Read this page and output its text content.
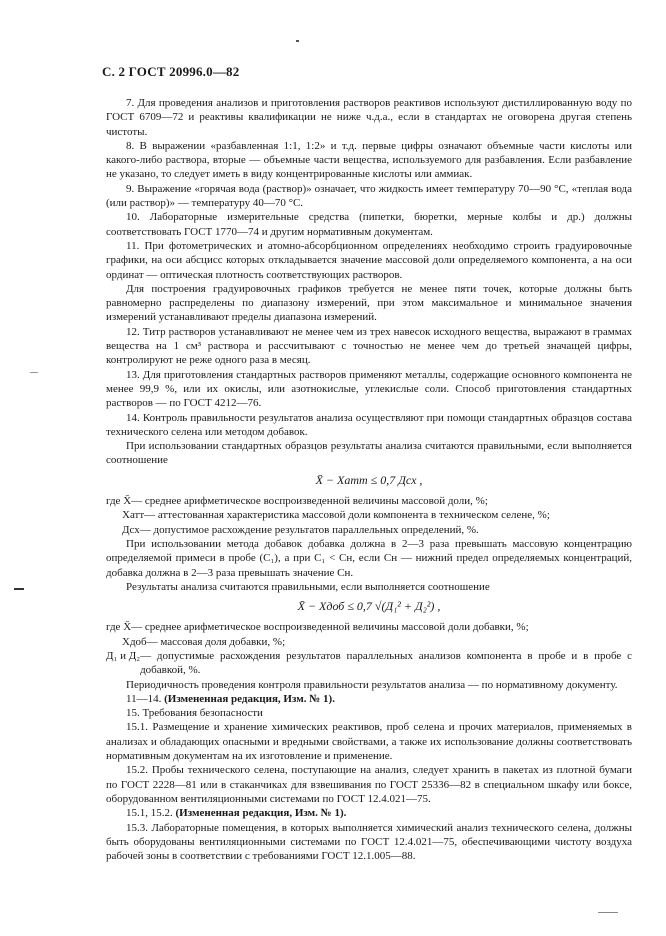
С. 2 ГОСТ 20996.0—82

7. Для проведения анализов и приготовления растворов реактивов используют дистиллированную воду по ГОСТ 6709—72 и реактивы квалификации не ниже ч.д.а., если в стандартах не оговорена другая степень чистоты.

8. В выражении «разбавленная 1:1, 1:2» и т.д. первые цифры означают объемные части кислоты или какого-либо раствора, вторые — объемные части вещества, используемого для разбавления. Если разбавление не указано, то следует иметь в виду концентрированные кислоты или аммиак.

9. Выражение «горячая вода (раствор)» означает, что жидкость имеет температуру 70—90 °С, «теплая вода (или раствор)» — температуру 40—70 °С.

10. Лабораторные измерительные средства (пипетки, бюретки, мерные колбы и др.) должны соответствовать ГОСТ 1770—74 и другим нормативным документам.

11. При фотометрических и атомно-абсорбционном определениях необходимо строить градуировочные графики, на оси абсцисс которых откладывается значение массовой доли определяемого компонента, а на оси ординат — оптическая плотность соответствующих растворов.

Для построения градуировочных графиков требуется не менее пяти точек, которые должны быть равномерно распределены по диапазону измерений, при этом максимальное и минимальное значения измерений устанавливают пределы диапазона измерений.

12. Титр растворов устанавливают не менее чем из трех навесок исходного вещества, выражают в граммах вещества на 1 см³ раствора и рассчитывают с точностью не менее чем до третьей значащей цифры, контролируют не реже одного раза в месяц.

13. Для приготовления стандартных растворов применяют металлы, содержащие основного компонента не менее 99,9 %, или их окислы, или азотнокислые, углекислые соли. Способ приготовления стандартных растворов — по ГОСТ 4212—76.

14. Контроль правильности результатов анализа осуществляют при помощи стандартных образцов состава технического селена или методом добавок.

При использовании стандартных образцов результаты анализа считаются правильными, если выполняется соотношение

X̄ − Xатт ≤ 0,7 Дсх ,
где X̄ — среднее арифметическое воспроизведенной величины массовой доли, %;
Xатт — аттестованная характеристика массовой доли компонента в техническом селене, %;
Дсх — допустимое расхождение результатов параллельных определений, %.

При использовании метода добавок добавка должна в 2—3 раза превышать массовую концентрацию определяемой примеси в пробе (C₁), а при C₁ < Cн, если Cн — нижний предел определяемых концентраций, добавка должна в 2—3 раза превышать значение Cн.

Результаты анализа считаются правильными, если выполняется соотношение

X̄ − Xдоб ≤ 0,7 √(Д₁² + Д₂²) ,
где X̄ — среднее арифметическое воспроизведенной величины массовой доли добавки, %;
Xдоб — массовая доля добавки, %;
Д₁ и Д₂ — допустимые расхождения результатов параллельных анализов компонента в пробе и в пробе с добавкой, %.

Периодичность проведения контроля правильности результатов анализа — по нормативному документу.

11—14. (Измененная редакция, Изм. № 1).

15. Требования безопасности

15.1. Размещение и хранение химических реактивов, проб селена и прочих материалов, применяемых в анализах и обладающих опасными и вредными свойствами, а также их использование должны соответствовать нормативным документам на их изготовление и применение.

15.2. Пробы технического селена, поступающие на анализ, следует хранить в пакетах из плотной бумаги по ГОСТ 2228—81 или в стаканчиках для взвешивания по ГОСТ 25336—82 в специальном шкафу или боксе, оборудованном вентиляционными системами по ГОСТ 12.4.021—75.

15.1, 15.2. (Измененная редакция, Изм. № 1).

15.3. Лабораторные помещения, в которых выполняется химический анализ технического селена, должны быть оборудованы вентиляционными системами по ГОСТ 12.4.021—75, обеспечивающими чистоту воздуха рабочей зоны в соответствии с требованиями ГОСТ 12.1.005—88.
